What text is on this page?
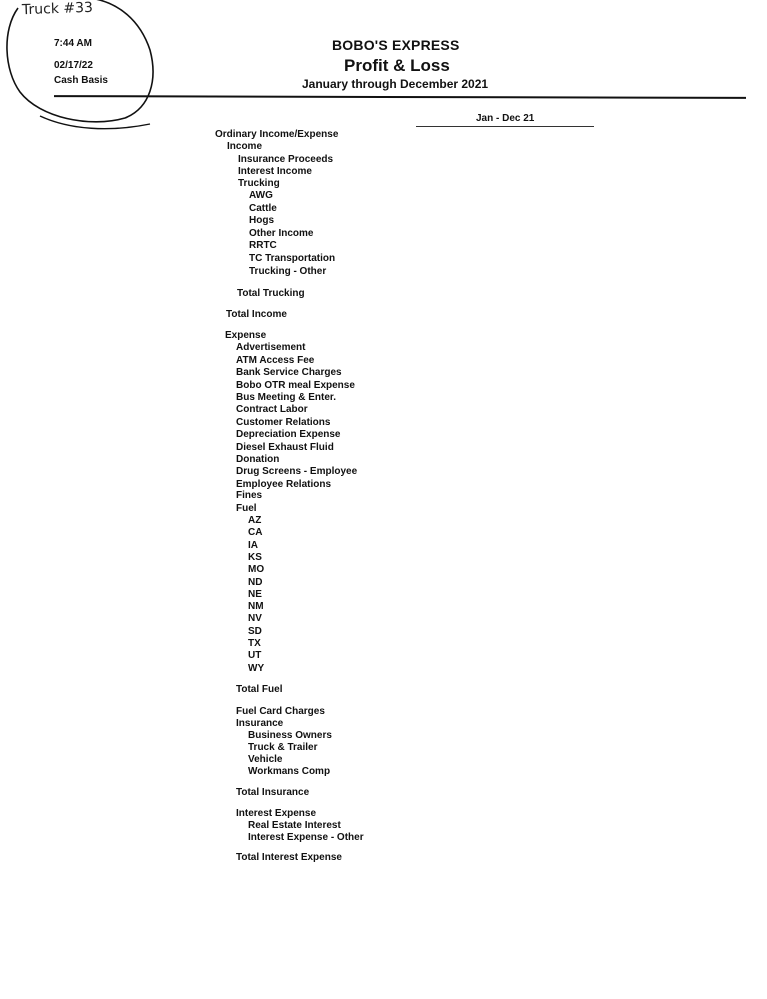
Truck #33
7:44 AM
02/17/22
Cash Basis
BOBO'S EXPRESS
Profit & Loss
January through December 2021
Jan - Dec 21
Ordinary Income/Expense
Income
Insurance Proceeds
Interest Income
Trucking
AWG
Cattle
Hogs
Other Income
RRTC
TC Transportation
Trucking - Other
Total Trucking
Total Income
Expense
Advertisement
ATM Access Fee
Bank Service Charges
Bobo OTR meal Expense
Bus Meeting & Enter.
Contract Labor
Customer Relations
Depreciation Expense
Diesel Exhaust Fluid
Donation
Drug Screens - Employee
Employee Relations
Fines
Fuel
AZ
CA
IA
KS
MO
ND
NE
NM
NV
SD
TX
UT
WY
Total Fuel
Fuel Card Charges
Insurance
Business Owners
Truck & Trailer
Vehicle
Workmans Comp
Total Insurance
Interest Expense
Real Estate Interest
Interest Expense - Other
Total Interest Expense
